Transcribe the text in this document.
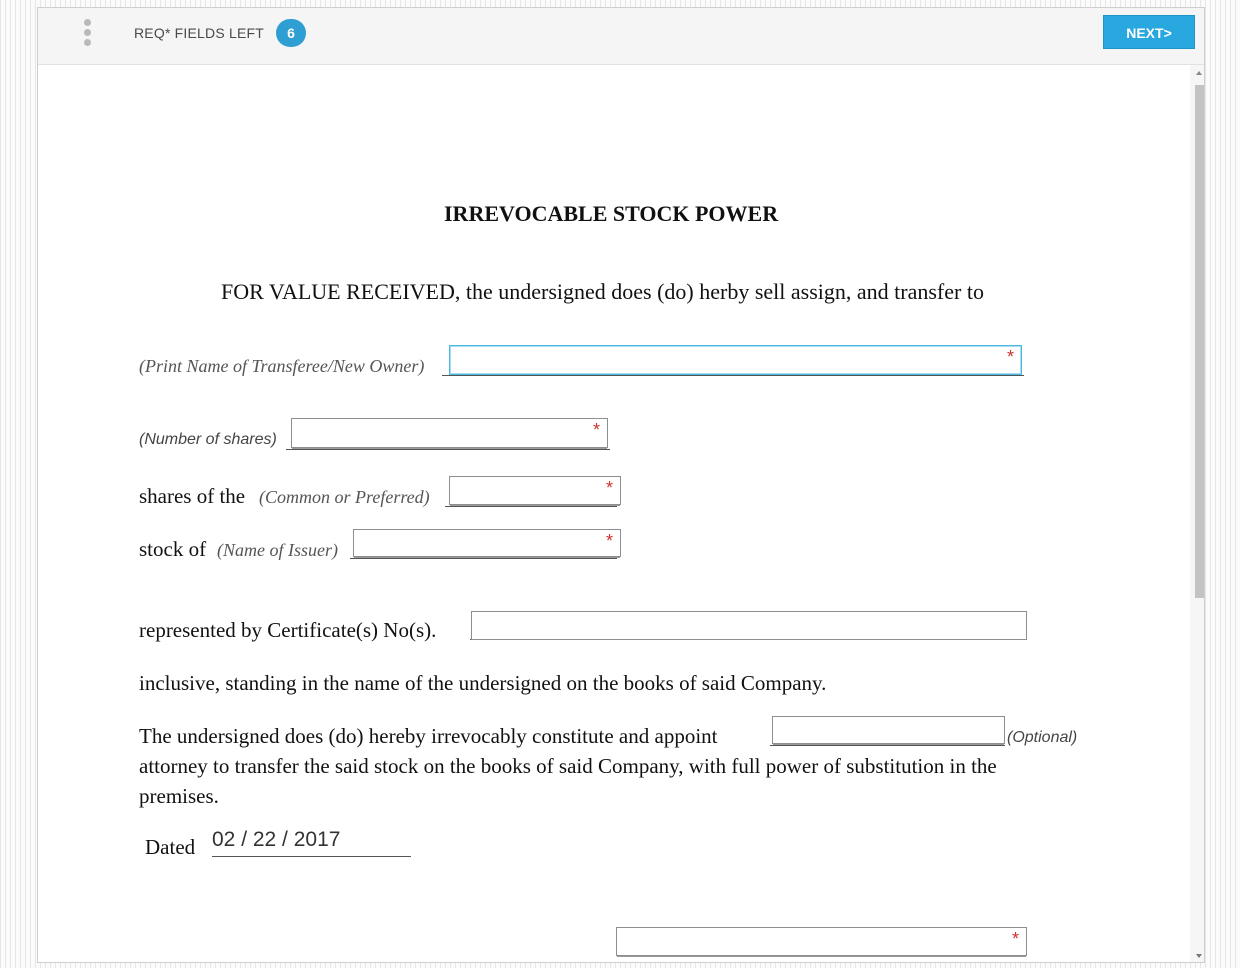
REQ* FIELDS LEFT	6	NEXT>
IRREVOCABLE STOCK POWER
FOR VALUE RECEIVED, the undersigned does (do) herby sell assign, and transfer to
(Print Name of Transferee/New Owner)	*
(Number of shares)	*
shares of the (Common or Preferred)	*
stock of (Name of Issuer)	*
represented by Certificate(s) No(s).
inclusive, standing in the name of the undersigned on the books of said Company.
The undersigned does (do) hereby irrevocably constitute and appoint	(Optional)
attorney to transfer the said stock on the books of said Company, with full power of substitution in the
premises.
Dated 02 / 22 / 2017
*
